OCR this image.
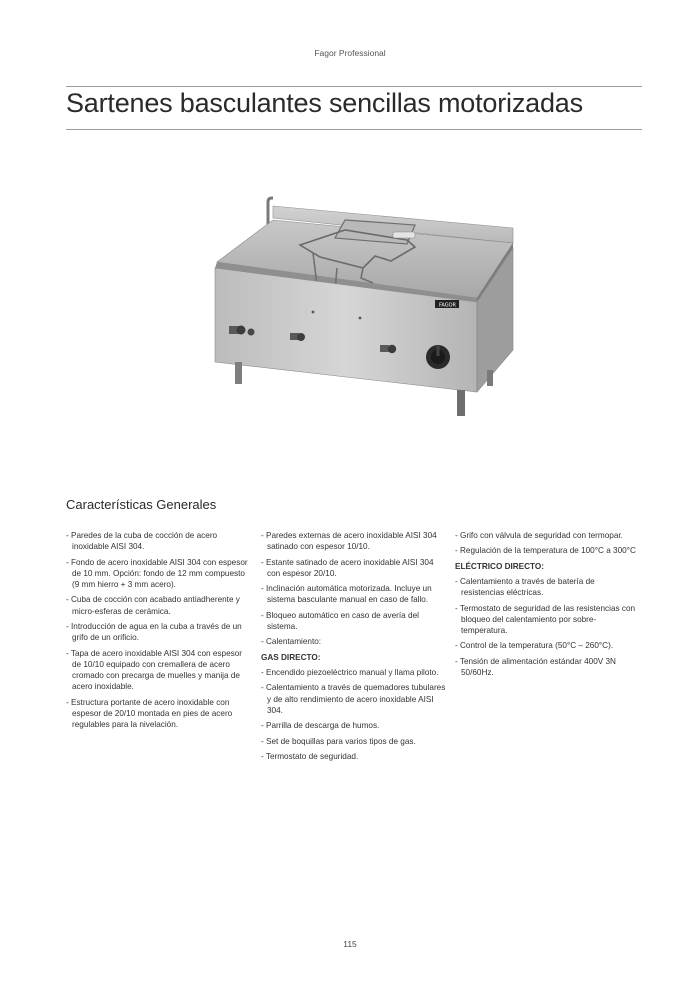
Fagor Professional
Sartenes basculantes sencillas motorizadas
FAGOR
Características Generales
- Paredes de la cuba de cocción de acero inoxidable AISI 304.
- Fondo de acero inoxidable AISI 304 con espesor de 10 mm. Opción: fondo de 12 mm compuesto (9 mm hierro + 3 mm acero).
- Cuba de cocción con acabado antiadherente y micro-esferas de cerámica.
- Introducción de agua en la cuba a través de un grifo de un orificio.
- Tapa de acero inoxidable AISI 304 con espesor de 10/10 equipado con cremallera de acero cromado con precarga de muelles y manija de acero inoxidable.
- Estructura portante de acero inoxidable con espesor de 20/10 montada en pies de acero regulables para la nivelación.
- Paredes externas de acero inoxidable AISI 304 satinado con espesor 10/10.
- Estante satinado de acero inoxidable AISI 304 con espesor 20/10.
- Inclinación automática motorizada. Incluye un sistema basculante manual en caso de fallo.
- Bloqueo automático en caso de avería del sistema.
- Calentamiento:
GAS DIRECTO:
- Encendido piezoeléctrico manual y llama piloto.
- Calentamiento a través de quemadores tubulares y de alto rendimiento de acero inoxidable AISI 304.
- Parrilla de descarga de humos.
- Set de boquillas para varios tipos de gas.
- Termostato de seguridad.
- Grifo con válvula de seguridad con termopar.
- Regulación de la temperatura de 100°C a 300°C
ELÉCTRICO DIRECTO:
- Calentamiento a través de batería de resistencias eléctricas.
- Termostato de seguridad de las resistencias con bloqueo del calentamiento por sobre-temperatura.
- Control de la temperatura (50°C – 260°C).
- Tensión de alimentación estándar 400V 3N 50/60Hz.
115
